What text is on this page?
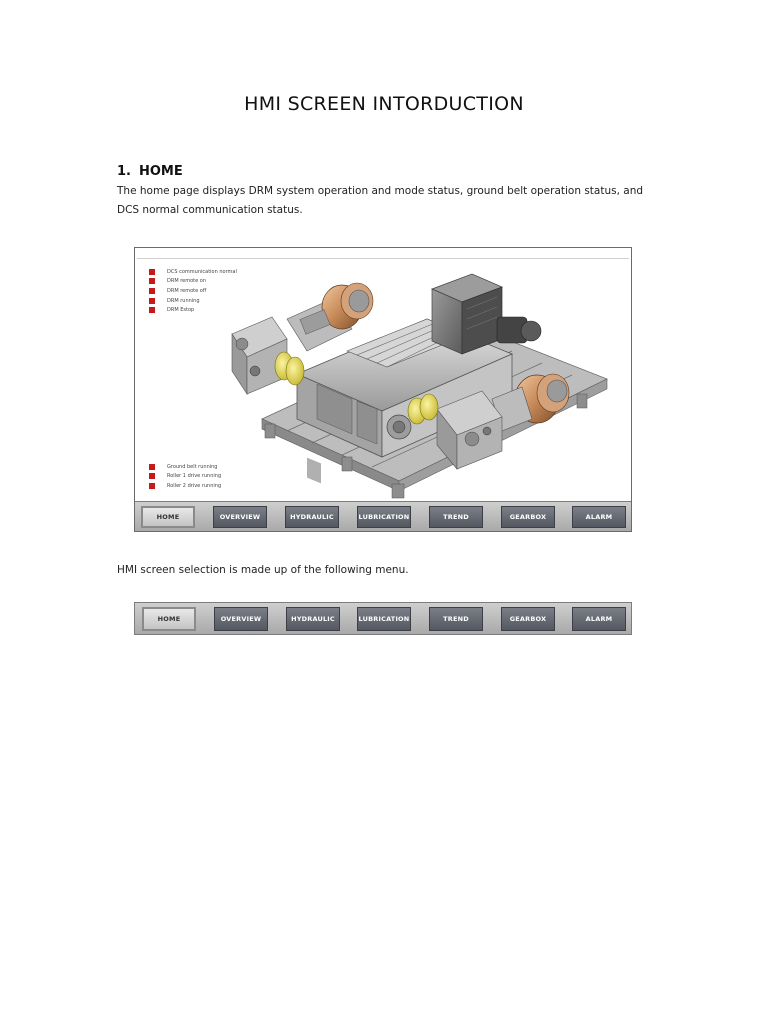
HMI SCREEN INTORDUCTION
1. HOME
The home page displays DRM system operation and mode status, ground belt operation status, and DCS normal communication status.
DCS communication normal
DRM remote on
DRM remote off
DRM running
DRM Estop
Ground belt running
Roller 1 drive running
Roller 2 drive running
HOME	OVERVIEW	HYDRAULIC	LUBRICATION	TREND	GEARBOX	ALARM
HMI screen selection is made up of the following menu.
HOME	OVERVIEW	HYDRAULIC	LUBRICATION	TREND	GEARBOX	ALARM
